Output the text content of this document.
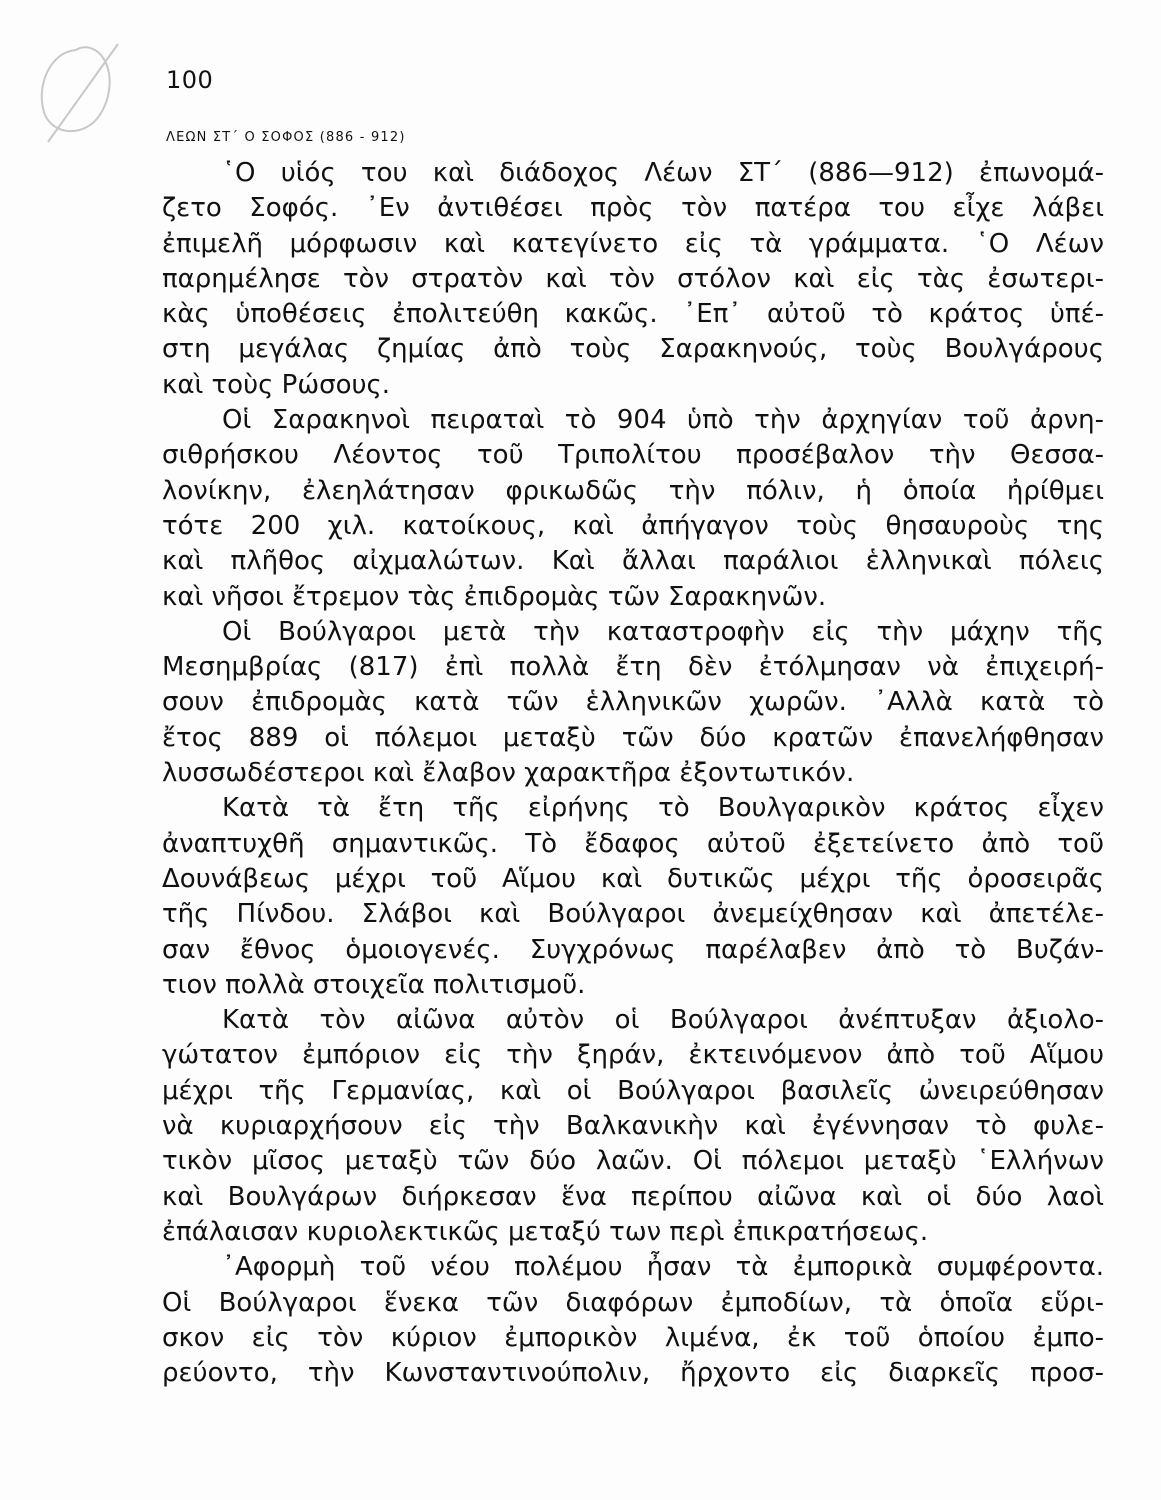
100
ΛΕΩΝ ΣΤ΄ Ο ΣΟΦΟΣ (886 - 912)
῾Ο υἱός του καὶ διάδοχος Λέων ΣΤ΄ (886—912) ἐπωνομά-
ζετο Σοφός. ᾿Εν ἀντιθέσει πρὸς τὸν πατέρα του εἶχε λάβει
ἐπιμελῆ μόρφωσιν καὶ κατεγίνετο εἰς τὰ γράμματα. ῾Ο Λέων
παρημέλησε τὸν στρατὸν καὶ τὸν στόλον καὶ εἰς τὰς ἐσωτερι-
κὰς ὑποθέσεις ἐπολιτεύθη κακῶς. ᾿Επ᾿ αὐτοῦ τὸ κράτος ὑπέ-
στη μεγάλας ζημίας ἀπὸ τοὺς Σαρακηνούς, τοὺς Βουλγάρους
καὶ τοὺς Ρώσους.
Οἱ Σαρακηνοὶ πειραταὶ τὸ 904 ὑπὸ τὴν ἀρχηγίαν τοῦ ἀρνη-
σιθρήσκου Λέοντος τοῦ Τριπολίτου προσέβαλον τὴν Θεσσα-
λονίκην, ἐλεηλάτησαν φρικωδῶς τὴν πόλιν, ἡ ὁποία ἠρίθμει
τότε 200 χιλ. κατοίκους, καὶ ἀπήγαγον τοὺς θησαυροὺς της
καὶ πλῆθος αἰχμαλώτων. Καὶ ἄλλαι παράλιοι ἑλληνικαὶ πόλεις
καὶ νῆσοι ἔτρεμον τὰς ἐπιδρομὰς τῶν Σαρακηνῶν.
Οἱ Βούλγαροι μετὰ τὴν καταστροφὴν εἰς τὴν μάχην τῆς
Μεσημβρίας (817) ἐπὶ πολλὰ ἔτη δὲν ἐτόλμησαν νὰ ἐπιχειρή-
σουν ἐπιδρομὰς κατὰ τῶν ἑλληνικῶν χωρῶν. ᾿Αλλὰ κατὰ τὸ
ἔτος 889 οἱ πόλεμοι μεταξὺ τῶν δύο κρατῶν ἐπανελήφθησαν
λυσσωδέστεροι καὶ ἔλαβον χαρακτῆρα ἐξοντωτικόν.
Κατὰ τὰ ἔτη τῆς εἰρήνης τὸ Βουλγαρικὸν κράτος εἶχεν
ἀναπτυχθῆ σημαντικῶς. Τὸ ἔδαφος αὐτοῦ ἐξετείνετο ἀπὸ τοῦ
Δουνάβεως μέχρι τοῦ Αἵμου καὶ δυτικῶς μέχρι τῆς ὀροσειρᾶς
τῆς Πίνδου. Σλάβοι καὶ Βούλγαροι ἀνεμείχθησαν καὶ ἀπετέλε-
σαν ἔθνος ὁμοιογενές. Συγχρόνως παρέλαβεν ἀπὸ τὸ Βυζάν-
τιον πολλὰ στοιχεῖα πολιτισμοῦ.
Κατὰ τὸν αἰῶνα αὐτὸν οἱ Βούλγαροι ἀνέπτυξαν ἀξιολο-
γώτατον ἐμπόριον εἰς τὴν ξηράν, ἐκτεινόμενον ἀπὸ τοῦ Αἵμου
μέχρι τῆς Γερμανίας, καὶ οἱ Βούλγαροι βασιλεῖς ὠνειρεύθησαν
νὰ κυριαρχήσουν εἰς τὴν Βαλκανικὴν καὶ ἐγέννησαν τὸ φυλε-
τικὸν μῖσος μεταξὺ τῶν δύο λαῶν. Οἱ πόλεμοι μεταξὺ ῾Ελλήνων
καὶ Βουλγάρων διήρκεσαν ἕνα περίπου αἰῶνα καὶ οἱ δύο λαοὶ
ἐπάλαισαν κυριολεκτικῶς μεταξύ των περὶ ἐπικρατήσεως.
᾿Αφορμὴ τοῦ νέου πολέμου ἦσαν τὰ ἐμπορικὰ συμφέροντα.
Οἱ Βούλγαροι ἕνεκα τῶν διαφόρων ἐμποδίων, τὰ ὁποῖα εὕρι-
σκον εἰς τὸν κύριον ἐμπορικὸν λιμένα, ἐκ τοῦ ὁποίου ἐμπο-
ρεύοντο, τὴν Κωνσταντινούπολιν, ἤρχοντο εἰς διαρκεῖς προσ-
